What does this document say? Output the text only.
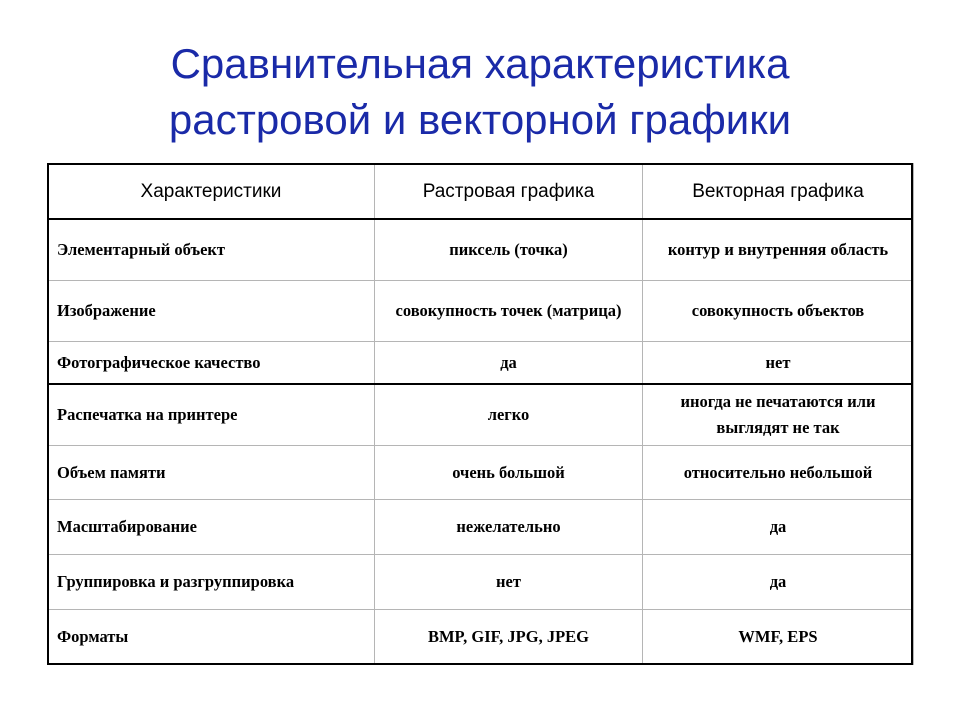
Сравнительная характеристика
растровой и векторной графики
Характеристики	Растровая графика	Векторная графика
Элементарный объект	пиксель (точка)	контур и внутренняя область
Изображение	совокупность точек (матрица)	совокупность объектов
Фотографическое качество	да	нет
Распечатка на принтере	легко	иногда не печатаются или выглядят не так
Объем памяти	очень большой	относительно небольшой
Масштабирование	нежелательно	да
Группировка и разгруппировка	нет	да
Форматы	BMP, GIF, JPG, JPEG	WMF, EPS
